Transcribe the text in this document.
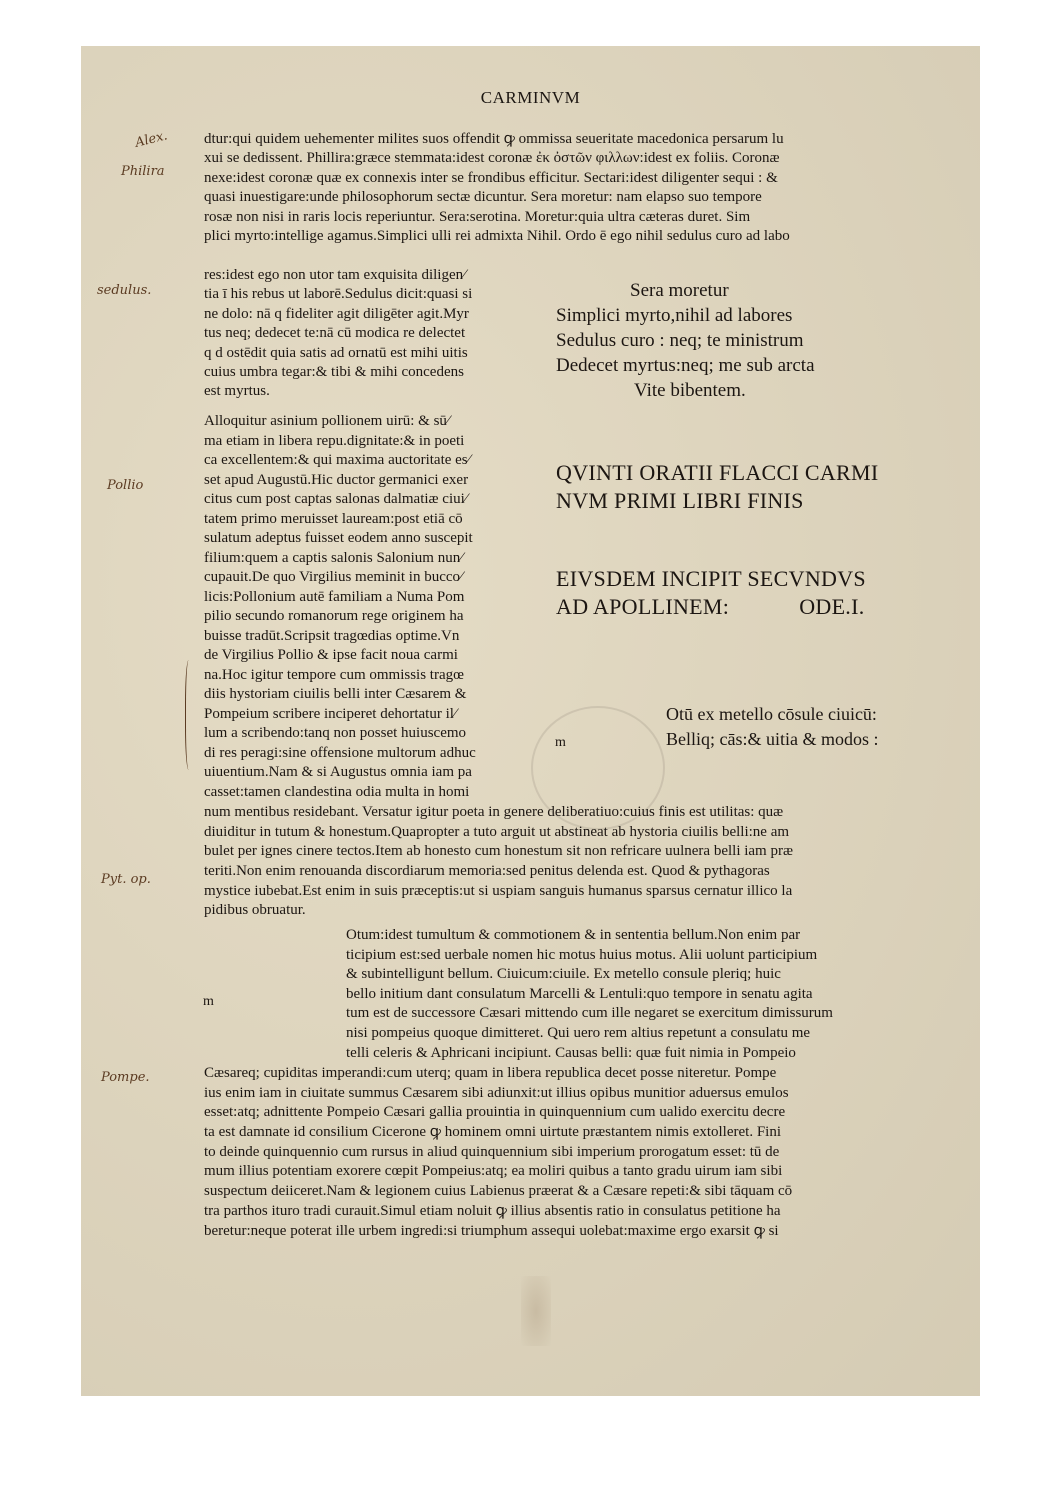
CARMINVM
Alex.
Philira
sedulus.
Pollio
Pyt. op.
Pompe.
dtur:qui quidem uehementer milites suos offendit ꝙ ommissa seueritate macedonica persarum lu
xui se dedissent. Phillira:græce stemmata:idest coronæ ἐκ ὀστῶν φιλλων:idest ex foliis. Coronæ
nexe:idest coronæ quæ ex connexis inter se frondibus efficitur. Sectari:idest diligenter sequi : &
quasi inuestigare:unde philosophorum sectæ dicuntur. Sera moretur: nam elapso suo tempore
rosæ non nisi in raris locis reperiuntur. Sera:serotina. Moretur:quia ultra cæteras duret. Sim
plici myrto:intellige agamus.Simplici ulli rei admixta Nihil. Ordo ē ego nihil sedulus curo ad labo
res:idest ego non utor tam exquisita diligen⁄
tia ī his rebus ut laborē.Sedulus dicit:quasi si
ne dolo: nā q fideliter agit diligēter agit.Myr
tus neq; dedecet te:nā cū modica re delectet
q d ostēdit quia satis ad ornatū est mihi uitis
cuius umbra tegar:& tibi & mihi concedens
est myrtus.
Sera moretur
Simplici myrto,nihil ad labores
Sedulus curo : neq; te ministrum
Dedecet myrtus:neq; me sub arcta
Vite bibentem.
QVINTI ORATII FLACCI CARMI
NVM PRIMI LIBRI FINIS
EIVSDEM INCIPIT SECVNDVS
AD APOLLINEM:	ODE.I.
Otū ex metello cōsule ciuicū:
Belliq; cās:& uitia & modos :
m
m
Alloquitur asinium pollionem uirū: & sū⁄
ma etiam in libera repu.dignitate:& in poeti
ca excellentem:& qui maxima auctoritate es⁄
set apud Augustū.Hic ductor germanici exer
citus cum post captas salonas dalmatiæ ciui⁄
tatem primo meruisset lauream:post etiā cō
sulatum adeptus fuisset eodem anno suscepit
filium:quem a captis salonis Salonium nun⁄
cupauit.De quo Virgilius meminit in bucco⁄
licis:Pollonium autē familiam a Numa Pom
pilio secundo romanorum rege originem ha
buisse tradūt.Scripsit tragœdias optime.Vn
de Virgilius Pollio & ipse facit noua carmi
na.Hoc igitur tempore cum ommissis tragœ
diis hystoriam ciuilis belli inter Cæsarem &
Pompeium scribere inciperet dehortatur il⁄
lum a scribendo:tanq non posset huiuscemo
di res peragi:sine offensione multorum adhuc
uiuentium.Nam & si Augustus omnia iam pa
casset:tamen clandestina odia multa in homi
num mentibus residebant. Versatur igitur poeta in genere deliberatiuo:cuius finis est utilitas: quæ
diuiditur in tutum & honestum.Quapropter a tuto arguit ut abstineat ab hystoria ciuilis belli:ne am
bulet per ignes cinere tectos.Item ab honesto cum honestum sit non refricare uulnera belli iam præ
teriti.Non enim renouanda discordiarum memoria:sed penitus delenda est. Quod & pythagoras
mystice iubebat.Est enim in suis præceptis:ut si uspiam sanguis humanus sparsus cernatur illico la
pidibus obruatur.
Otum:idest tumultum & commotionem & in sententia bellum.Non enim par
ticipium est:sed uerbale nomen hic motus huius motus. Alii uolunt participium
& subintelligunt bellum. Ciuicum:ciuile. Ex metello consule pleriq; huic
bello initium dant consulatum Marcelli & Lentuli:quo tempore in senatu agita
tum est de successore Cæsari mittendo cum ille negaret se exercitum dimissurum
nisi pompeius quoque dimitteret. Qui uero rem altius repetunt a consulatu me
telli celeris & Aphricani incipiunt. Causas belli: quæ fuit nimia in Pompeio
Cæsareq; cupiditas imperandi:cum uterq; quam in libera republica decet posse niteretur. Pompe
ius enim iam in ciuitate summus Cæsarem sibi adiunxit:ut illius opibus munitior aduersus emulos
esset:atq; adnittente Pompeio Cæsari gallia prouintia in quinquennium cum ualido exercitu decre
ta est damnate id consilium Cicerone ꝙ hominem omni uirtute præstantem nimis extolleret. Fini
to deinde quinquennio cum rursus in aliud quinquennium sibi imperium prorogatum esset: tū de
mum illius potentiam exorere cœpit Pompeius:atq; ea moliri quibus a tanto gradu uirum iam sibi
suspectum deiiceret.Nam & legionem cuius Labienus præerat & a Cæsare repeti:& sibi tāquam cō
tra parthos ituro tradi curauit.Simul etiam noluit ꝙ illius absentis ratio in consulatus petitione ha
beretur:neque poterat ille urbem ingredi:si triumphum assequi uolebat:maxime ergo exarsit ꝙ si
